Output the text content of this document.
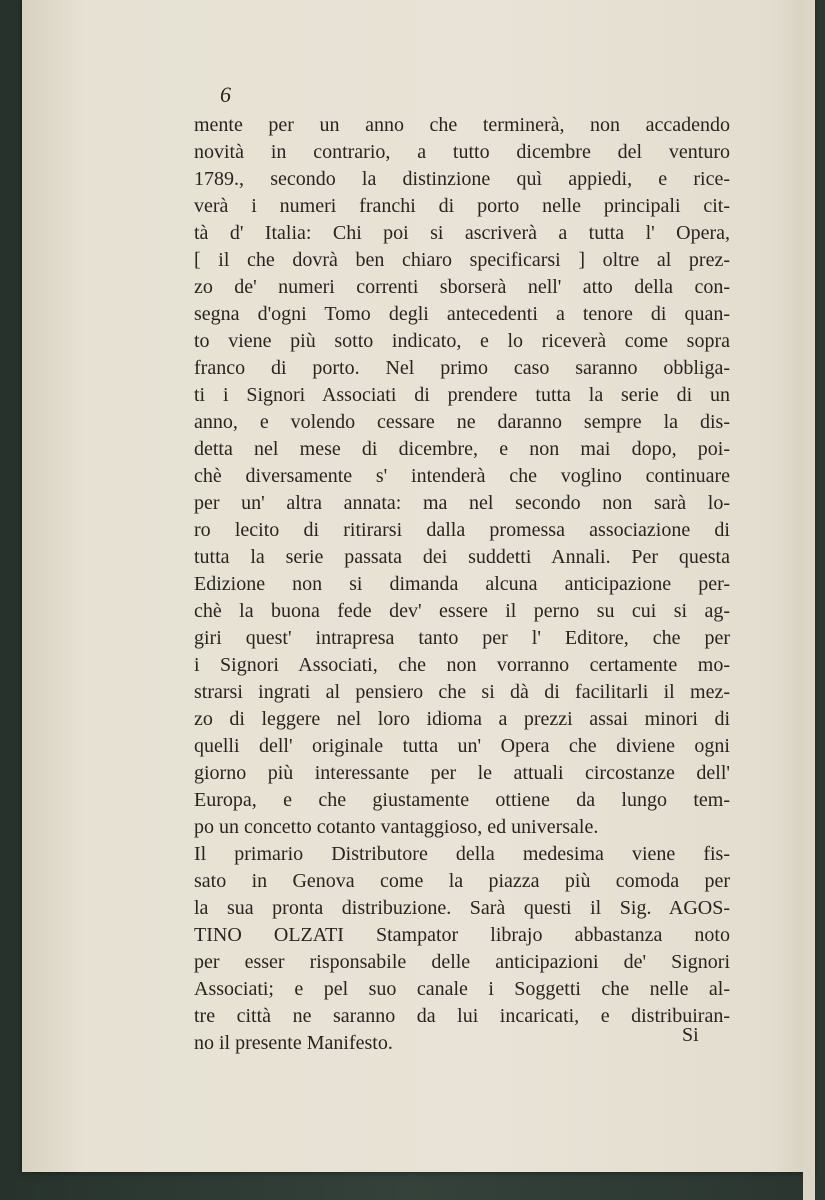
6

mente per un anno che terminerà, non accadendo
novità in contrario, a tutto dicembre del venturo
1789., secondo la distinzione quì appiedi, e rice-
verà i numeri franchi di porto nelle principali cit-
tà d' Italia: Chi poi si ascriverà a tutta l' Opera,
[ il che dovrà ben chiaro specificarsi ] oltre al prez-
zo de' numeri correnti sborserà nell' atto della con-
segna d'ogni Tomo degli antecedenti a tenore di quan-
to viene più sotto indicato, e lo riceverà come sopra
franco di porto. Nel primo caso saranno obbliga-
ti i Signori Associati di prendere tutta la serie di un
anno, e volendo cessare ne daranno sempre la dis-
detta nel mese di dicembre, e non mai dopo, poi-
chè diversamente s' intenderà che voglino continuare
per un' altra annata: ma nel secondo non sarà lo-
ro lecito di ritirarsi dalla promessa associazione di
tutta la serie passata dei suddetti Annali. Per questa
Edizione non si dimanda alcuna anticipazione per-
chè la buona fede dev' essere il perno su cui si ag-
giri quest' intrapresa tanto per l' Editore, che per
i Signori Associati, che non vorranno certamente mo-
strarsi ingrati al pensiero che si dà di facilitarli il mez-
zo di leggere nel loro idioma a prezzi assai minori di
quelli dell' originale tutta un' Opera che diviene ogni
giorno più interessante per le attuali circostanze dell'
Europa, e che giustamente ottiene da lungo tem-
po un concetto cotanto vantaggioso, ed universale.
Il primario Distributore della medesima viene fis-
sato in Genova come la piazza più comoda per
la sua pronta distribuzione. Sarà questi il Sig. AGOS-
TINO OLZATI Stampator librajo abbastanza noto
per esser risponsabile delle anticipazioni de' Signori
Associati; e pel suo canale i Soggetti che nelle al-
tre città ne saranno da lui incaricati, e distribuiran-
no il presente Manifesto.	Si
